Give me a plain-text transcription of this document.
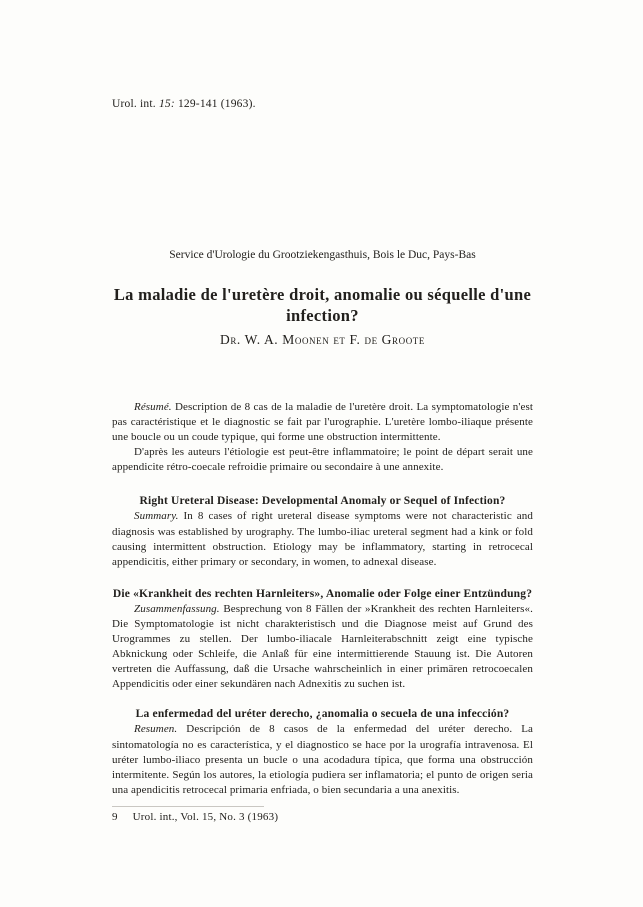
Urol. int. 15: 129-141 (1963).
Service d'Urologie du Grootziekengasthuis, Bois le Duc, Pays-Bas
La maladie de l'uretère droit, anomalie ou séquelle d'une infection?
Dr. W. A. Moonen et F. de Groote

Résumé. Description de 8 cas de la maladie de l'uretère droit. La symptomatologie n'est pas caractéristique et le diagnostic se fait par l'urographie. L'uretère lombo-iliaque présente une boucle ou un coude typique, qui forme une obstruction intermittente.

D'après les auteurs l'étiologie est peut-être inflammatoire; le point de départ serait une appendicite rétro-coecale refroidie primaire ou secondaire à une annexite.

Right Ureteral Disease: Developmental Anomaly or Sequel of Infection?

Summary. In 8 cases of right ureteral disease symptoms were not characteristic and diagnosis was established by urography. The lumbo-iliac ureteral segment had a kink or fold causing intermittent obstruction. Etiology may be inflammatory, starting in retrocecal appendicitis, either primary or secondary, in women, to adnexal disease.

Die «Krankheit des rechten Harnleiters», Anomalie oder Folge einer Entzündung?

Zusammenfassung. Besprechung von 8 Fällen der »Krankheit des rechten Harnleiters«. Die Symptomatologie ist nicht charakteristisch und die Diagnose meist auf Grund des Urogrammes zu stellen. Der lumbo-iliacale Harnleiterabschnitt zeigt eine typische Abknickung oder Schleife, die Anlaß für eine intermittierende Stauung ist. Die Autoren vertreten die Auffassung, daß die Ursache wahrscheinlich in einer primären retrocoecalen Appendicitis oder einer sekundären nach Adnexitis zu suchen ist.

La enfermedad del uréter derecho, ¿anomalia o secuela de una infección?

Resumen. Descripción de 8 casos de la enfermedad del uréter derecho. La sintomatología no es característica, y el diagnostico se hace por la urografía intravenosa. El uréter lumbo-iliaco presenta un bucle o una acodadura típica, que forma una obstrucción intermitente. Según los autores, la etiología pudiera ser inflamatoria; el punto de origen seria una apendicitis retrocecal primaria enfriada, o bien secundaria a una anexitis.

9 Urol. int., Vol. 15, No. 3 (1963)
